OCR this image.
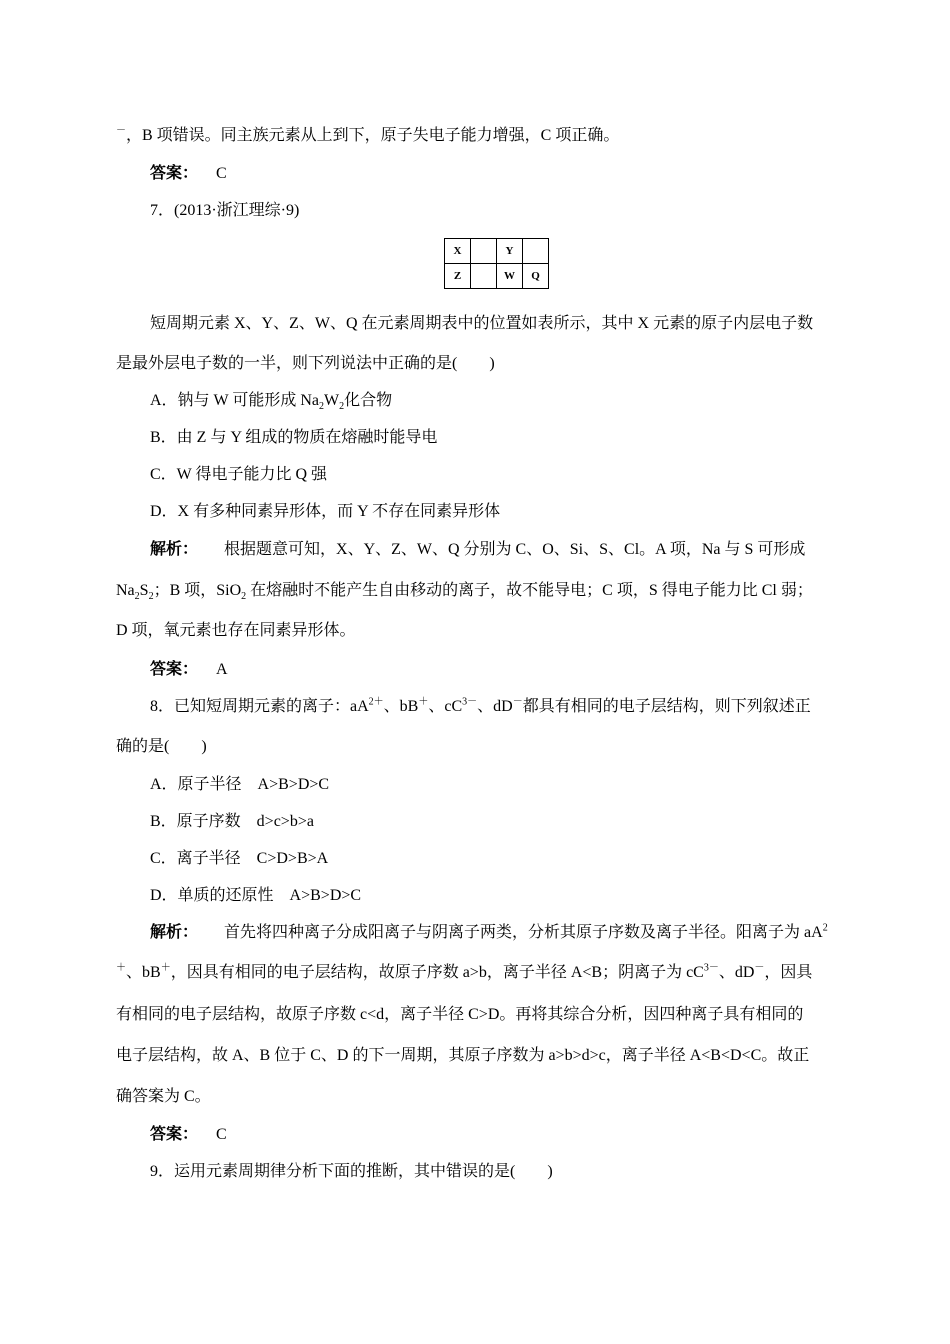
－，B 项错误。同主族元素从上到下，原子失电子能力增强，C 项正确。
答案： C
7．(2013·浙江理综·9)
X		Y	
Z		W	Q
短周期元素 X、Y、Z、W、Q 在元素周期表中的位置如表所示，其中 X 元素的原子内层电子数
是最外层电子数的一半，则下列说法中正确的是(　　)
A．钠与 W 可能形成 $Na_2W_2$化合物
B．由 Z 与 Y 组成的物质在熔融时能导电
C．W 得电子能力比 Q 强
D．X 有多种同素异形体，而 Y 不存在同素异形体
解析： 根据题意可知，X、Y、Z、W、Q 分别为 C、O、Si、S、Cl。A 项，Na 与 S 可形成
$Na_2S_2$；B 项，SiO$_2$ 在熔融时不能产生自由移动的离子，故不能导电；C 项，S 得电子能力比 Cl 弱；
D 项，氧元素也存在同素异形体。
答案： A
8．已知短周期元素的离子：$aA^{2+}$、bB＋、$cC^{3-}$、dD－都具有相同的电子层结构，则下列叙述正
确的是(　　)
A．原子半径　A>B>D>C
B．原子序数　d>c>b>a
C．离子半径　C>D>B>A
D．单质的还原性　A>B>D>C
解析： 首先将四种离子分成阳离子与阴离子两类，分析其原子序数及离子半径。阳离子为 $aA^2$
＋、bB＋，因具有相同的电子层结构，故原子序数 a>b，离子半径 A<B；阴离子为 $cC^{3-}$、dD－，因具
有相同的电子层结构，故原子序数 c<d，离子半径 C>D。再将其综合分析，因四种离子具有相同的
电子层结构，故 A、B 位于 C、D 的下一周期，其原子序数为 a>b>d>c，离子半径 A<B<D<C。故正
确答案为 C。
答案： C
9．运用元素周期律分析下面的推断，其中错误的是(　　)
